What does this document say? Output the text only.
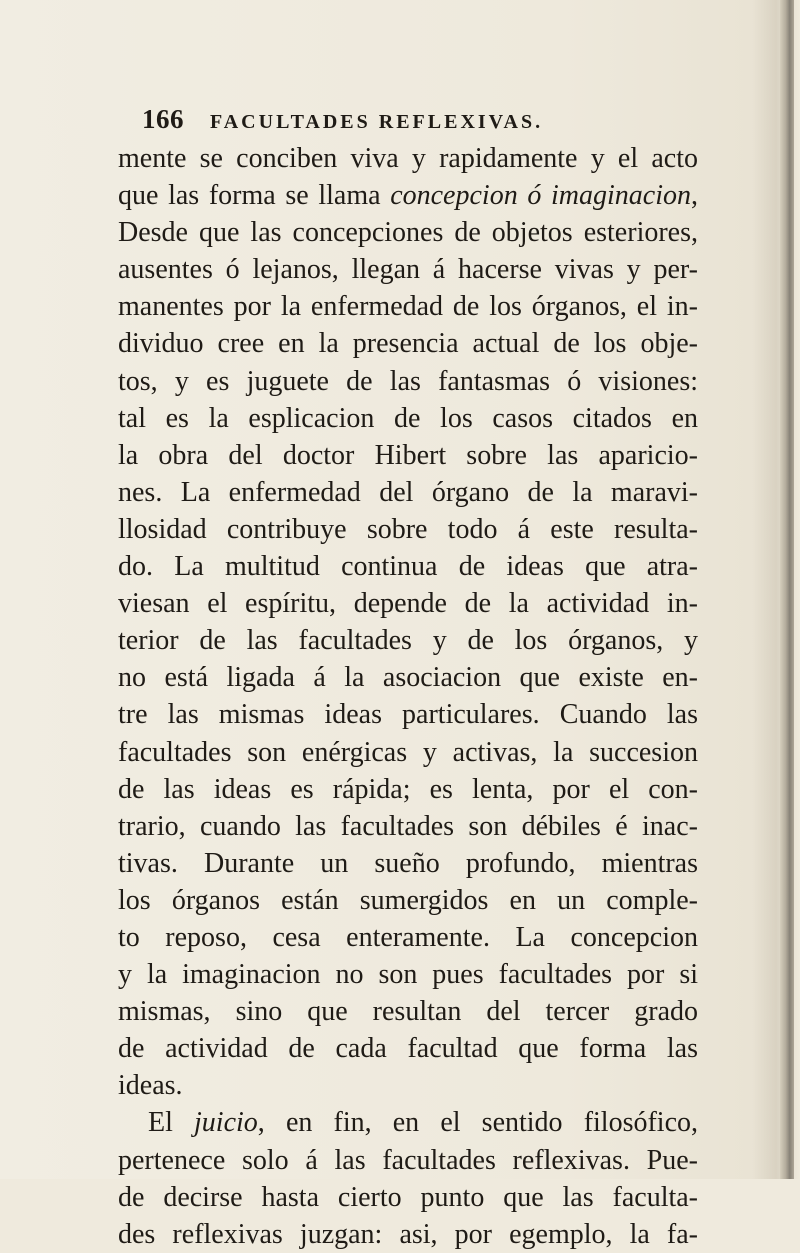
166 FACULTADES REFLEXIVAS.
mente se conciben viva y rapidamente y el acto
que las forma se llama concepcion ó imaginacion,
Desde que las concepciones de objetos esteriores,
ausentes ó lejanos, llegan á hacerse vivas y per-
manentes por la enfermedad de los órganos, el in-
dividuo cree en la presencia actual de los obje-
tos, y es juguete de las fantasmas ó visiones:
tal es la esplicacion de los casos citados en
la obra del doctor Hibert sobre las aparicio-
nes. La enfermedad del órgano de la maravi-
llosidad contribuye sobre todo á este resulta-
do. La multitud continua de ideas que atra-
viesan el espíritu, depende de la actividad in-
terior de las facultades y de los órganos, y
no está ligada á la asociacion que existe en-
tre las mismas ideas particulares. Cuando las
facultades son enérgicas y activas, la succesion
de las ideas es rápida; es lenta, por el con-
trario, cuando las facultades son débiles é inac-
tivas. Durante un sueño profundo, mientras
los órganos están sumergidos en un comple-
to reposo, cesa enteramente. La concepcion
y la imaginacion no son pues facultades por si
mismas, sino que resultan del tercer grado
de actividad de cada facultad que forma las
ideas.
El juicio, en fin, en el sentido filosófico,
pertenece solo á las facultades reflexivas. Pue-
de decirse hasta cierto punto que las faculta-
des reflexivas juzgan: asi, por egemplo, la fa-
